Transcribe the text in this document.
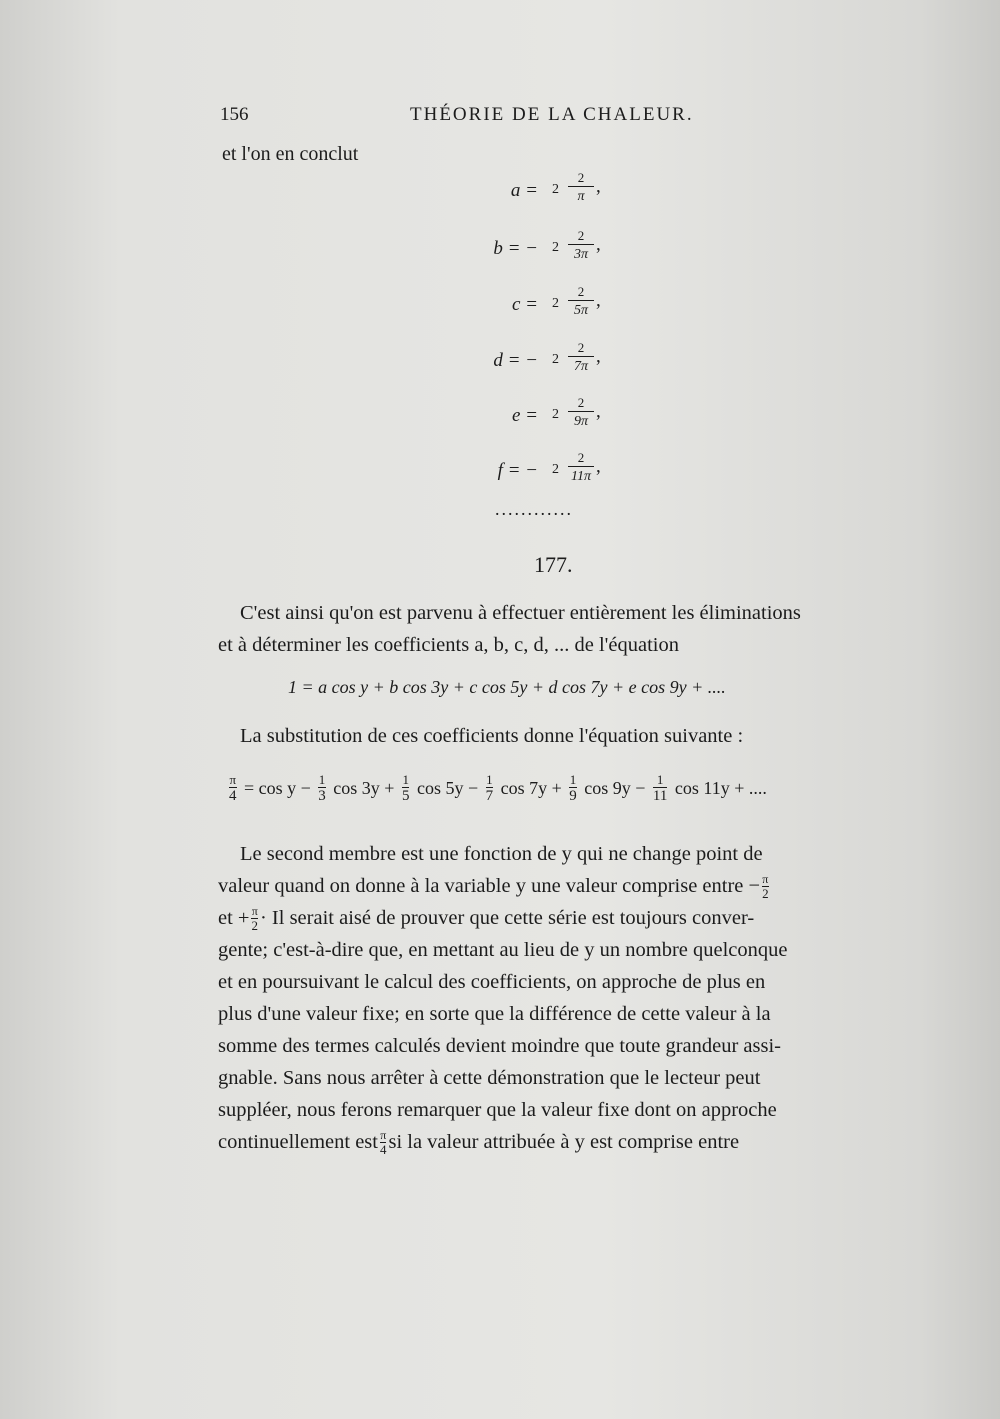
156	THÉORIE DE LA CHALEUR.
et l'on en conclut
a = 2
2
π ,
b = − 2
2
3π ,
c = 2
2
5π ,
d = − 2
2
7π ,
e = 2
2
9π ,
f = − 2
2
11π ,
............
177.
C'est ainsi qu'on est parvenu à effectuer entièrement les éliminations
et à déterminer les coefficients a, b, c, d, ... de l'équation
1 = a cos y + b cos 3y + c cos 5y + d cos 7y + e cos 9y + ....
La substitution de ces coefficients donne l'équation suivante :
$\frac{\pi}{4} = \cos y - \frac{1}{3}$ $\cos 3y + \frac{1}{5}$ $\cos 5y - \frac{1}{7}$ $\cos 7y + \frac{1}{9}$ $\cos 9y - \frac{1}{11}$ cos 11y + ....
Le second membre est une fonction de y qui ne change point de
valeur quand on donne à la variable y une valeur comprise entre − $\frac{\pi}{2}$
et + $\frac{\pi}{2} \cdot Il$ serait aisé de prouver que cette série est toujours conver-
gente; c'est-à-dire que, en mettant au lieu de y un nombre quelconque
et en poursuivant le calcul des coefficients, on approche de plus en
plus d'une valeur fixe; en sorte que la différence de cette valeur à la
somme des termes calculés devient moindre que toute grandeur assi-
gnable. Sans nous arrêter à cette démonstration que le lecteur peut
suppléer, nous ferons remarquer que la valeur fixe dont on approche
continuellement est $\frac{\pi}{4}$ si la valeur attribuée à y est comprise entre
